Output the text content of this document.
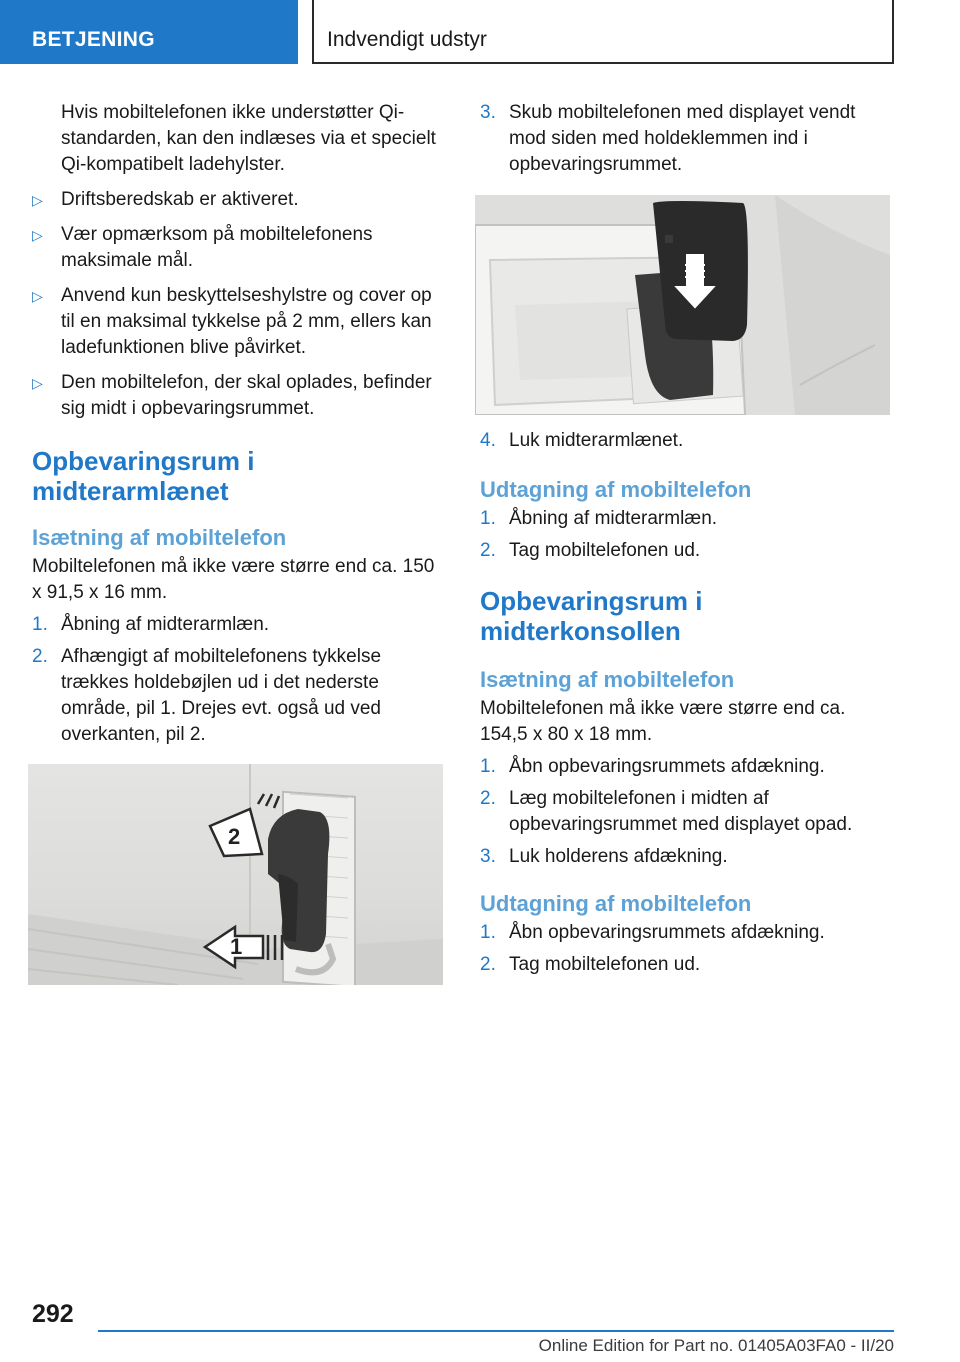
BETJENING	Indvendigt udstyr

Hvis mobiltelefonen ikke understøtter Qi-standarden, kan den indlæses via et specielt Qi-kompatibelt ladehylster.

▷ Driftsberedskab er aktiveret.
▷ Vær opmærksom på mobiltelefonens maksimale mål.
▷ Anvend kun beskyttelseshylstre og cover op til en maksimal tykkelse på 2 mm, ellers kan ladefunktionen blive påvirket.
▷ Den mobiltelefon, der skal oplades, befinder sig midt i opbevaringsrummet.
Opbevaringsrum i midterarmlænet
Isætning af mobiltelefon

Mobiltelefonen må ikke være større end ca. 150 x 91,5 x 16 mm.

1. Åbning af midterarmlæn.
2. Afhængigt af mobiltelefonens tykkelse trækkes holdebøjlen ud i det nederste område, pil 1. Drejes evt. også ud ved overkanten, pil 2.
2
1
3. Skub mobiltelefonen med displayet vendt mod siden med holdeklemmen ind i opbevaringsrummet.
4. Luk midterarmlænet.
Udtagning af mobiltelefon
1. Åbning af midterarmlæn.
2. Tag mobiltelefonen ud.
Opbevaringsrum i midterkonsollen
Isætning af mobiltelefon

Mobiltelefonen må ikke være større end ca. 154,5 x 80 x 18 mm.

1. Åbn opbevaringsrummets afdækning.
2. Læg mobiltelefonen i midten af opbevaringsrummet med displayet opad.
3. Luk holderens afdækning.
Udtagning af mobiltelefon
1. Åbn opbevaringsrummets afdækning.
2. Tag mobiltelefonen ud.
292
Online Edition for Part no. 01405A03FA0 - II/20
